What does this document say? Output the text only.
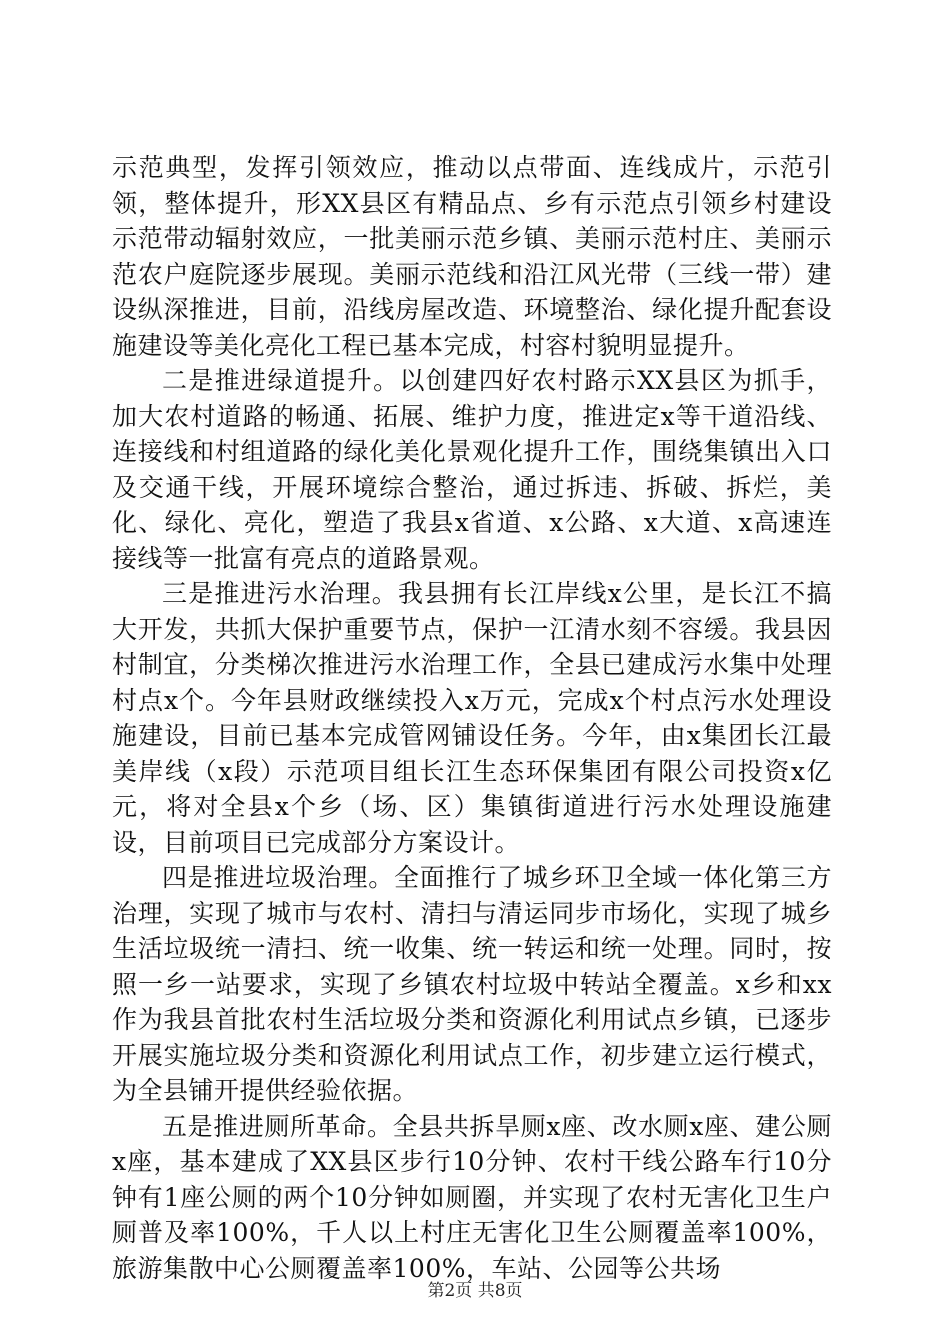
示范典型，发挥引领效应，推动以点带面、连线成片，示范引领，整体提升，形XX县区有精品点、乡有示范点引领乡村建设示范带动辐射效应，一批美丽示范乡镇、美丽示范村庄、美丽示范农户庭院逐步展现。美丽示范线和沿江风光带（三线一带）建设纵深推进，目前，沿线房屋改造、环境整治、绿化提升配套设施建设等美化亮化工程已基本完成，村容村貌明显提升。

二是推进绿道提升。以创建四好农村路示XX县区为抓手，加大农村道路的畅通、拓展、维护力度，推进定x等干道沿线、连接线和村组道路的绿化美化景观化提升工作，围绕集镇出入口及交通干线，开展环境综合整治，通过拆违、拆破、拆烂，美化、绿化、亮化，塑造了我县x省道、x公路、x大道、x高速连接线等一批富有亮点的道路景观。

三是推进污水治理。我县拥有长江岸线x公里，是长江不搞大开发，共抓大保护重要节点，保护一江清水刻不容缓。我县因村制宜，分类梯次推进污水治理工作，全县已建成污水集中处理村点x个。今年县财政继续投入x万元，完成x个村点污水处理设施建设，目前已基本完成管网铺设任务。今年，由x集团长江最美岸线（x段）示范项目组长江生态环保集团有限公司投资x亿元，将对全县x个乡（场、区）集镇街道进行污水处理设施建设，目前项目已完成部分方案设计。

四是推进垃圾治理。全面推行了城乡环卫全域一体化第三方治理，实现了城市与农村、清扫与清运同步市场化，实现了城乡生活垃圾统一清扫、统一收集、统一转运和统一处理。同时，按照一乡一站要求，实现了乡镇农村垃圾中转站全覆盖。x乡和xx作为我县首批农村生活垃圾分类和资源化利用试点乡镇，已逐步开展实施垃圾分类和资源化利用试点工作，初步建立运行模式，为全县铺开提供经验依据。

五是推进厕所革命。全县共拆旱厕x座、改水厕x座、建公厕x座，基本建成了XX县区步行10分钟、农村干线公路车行10分钟有1座公厕的两个10分钟如厕圈，并实现了农村无害化卫生户厕普及率100%，千人以上村庄无害化卫生公厕覆盖率100%，旅游集散中心公厕覆盖率100%，车站、公园等公共场

第2页 共8页
